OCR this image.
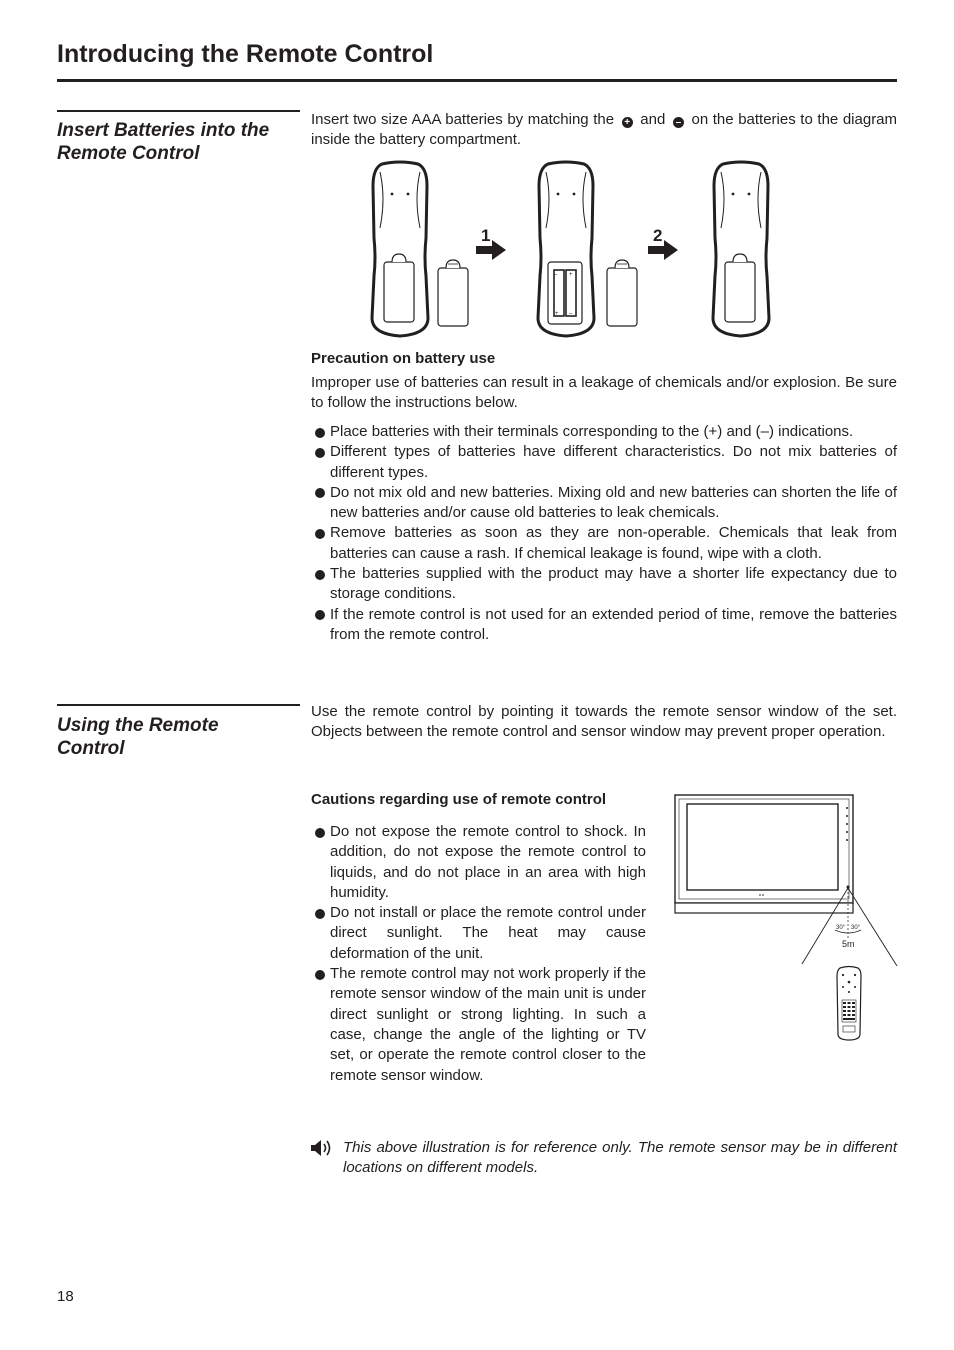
Introducing the Remote Control
Insert Batteries into the Remote Control

Insert two size AAA batteries by matching the + and – on the batteries to the diagram inside the battery compartment.

1
– +
+ –
2
Precaution on battery use

Improper use of batteries can result in a leakage of chemicals and/or explosion. Be sure to follow the instructions below.

Place batteries with their terminals corresponding to the (+) and (–) indications.
Different types of batteries have different characteristics. Do not mix batteries of different types.
Do not mix old and new batteries. Mixing old and new batteries can shorten the life of new batteries and/or cause old batteries to leak chemicals.
Remove batteries as soon as they are non-operable. Chemicals that leak from batteries can cause a rash. If chemical leakage is found, wipe with a cloth.
The batteries supplied with the product may have a shorter life expectancy due to storage conditions.
If the remote control is not used for an extended period of time, remove the batteries from the remote control.
Using the Remote Control

Use the remote control by pointing it towards the remote sensor window of the set. Objects between the remote control and sensor window may prevent proper operation.

Cautions regarding use of remote control
Do not expose the remote control to shock. In addition, do not expose the remote control to liquids, and do not place in an area with high humidity.
Do not install or place the remote control under direct sunlight. The heat may cause deformation of the unit.
The remote control may not work properly if the remote sensor window of the main unit is under direct sunlight or strong lighting. In such a case, change the angle of the lighting or TV set, or operate the remote control closer to the remote sensor window.
30° 30°
5m

This above illustration is for reference only. The remote sensor may be in different locations on different models.

18
